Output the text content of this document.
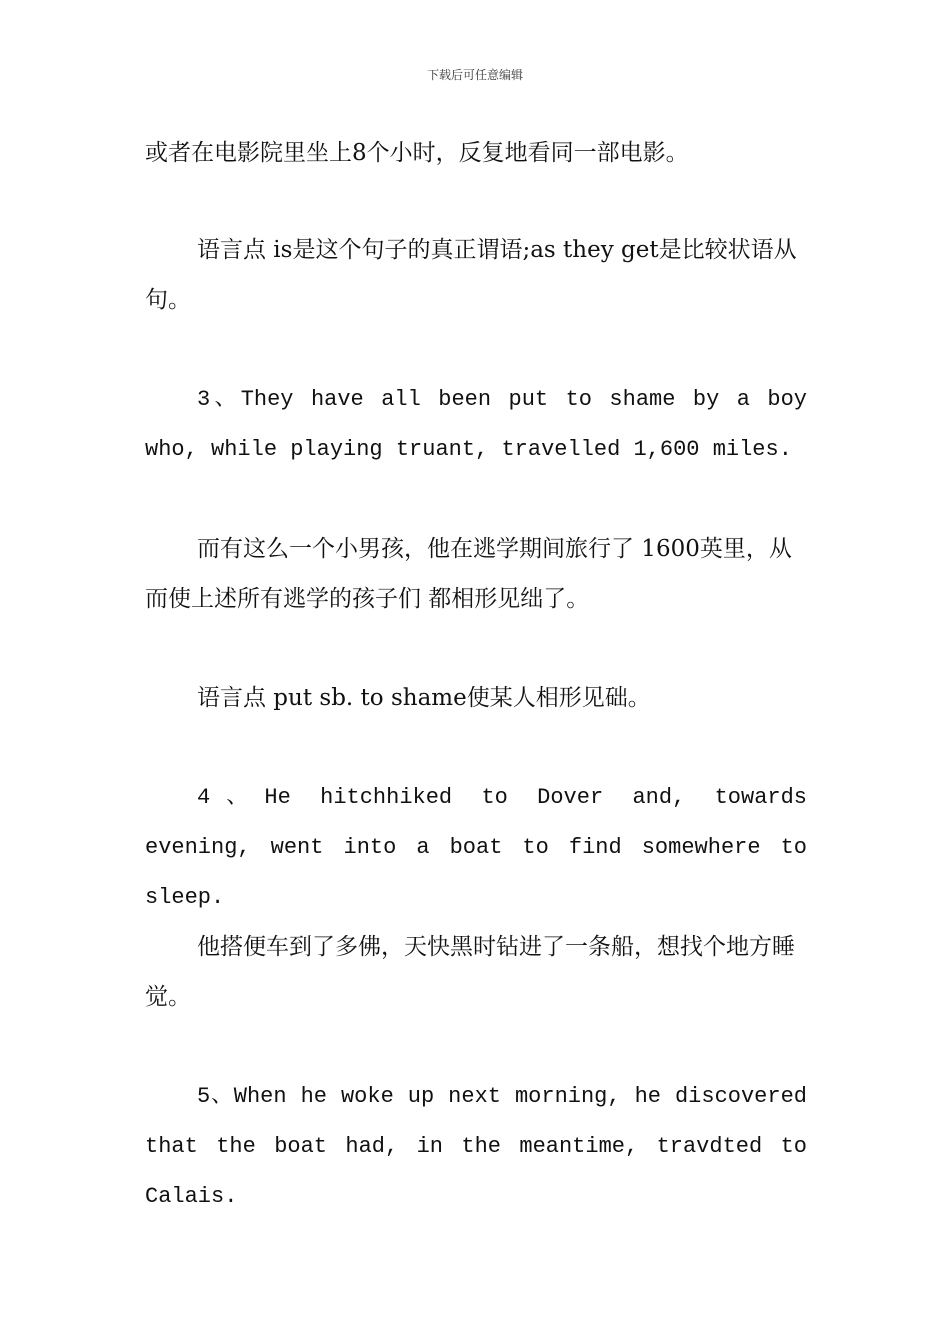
下载后可任意编辑

或者在电影院里坐上8个小时，反复地看同一部电影。

语言点 is是这个句子的真正谓语;as they get是比较状语从句。

3、They have all been put to shame by a boy who, while playing truant, travelled 1,600 miles.

而有这么一个小男孩，他在逃学期间旅行了 1600英里，从而使上述所有逃学的孩子们 都相形见绌了。

语言点 put sb. to shame使某人相形见础。

4、He hitchhiked to Dover and, towards evening, went into a boat to find somewhere to sleep.

他搭便车到了多佛，天快黑时钻进了一条船，想找个地方睡觉。

5、When he woke up next morning, he discovered that the boat had, in the meantime, travdted to Calais.
